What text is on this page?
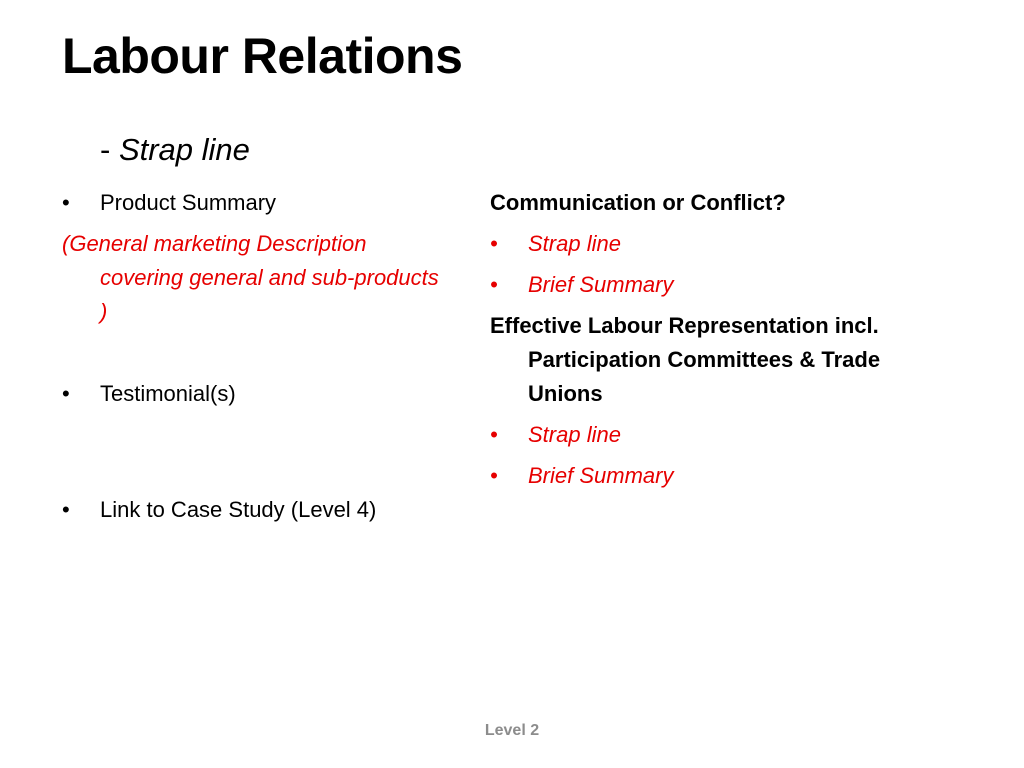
Labour Relations
- Strap line

• Product Summary

(General marketing Description covering general and sub-products )

• Testimonial(s)

• Link to Case Study (Level 4)

Communication or Conflict?

• Strap line

• Brief Summary

Effective Labour Representation incl. Participation Committees & Trade Unions

• Strap line

• Brief Summary

Level 2
